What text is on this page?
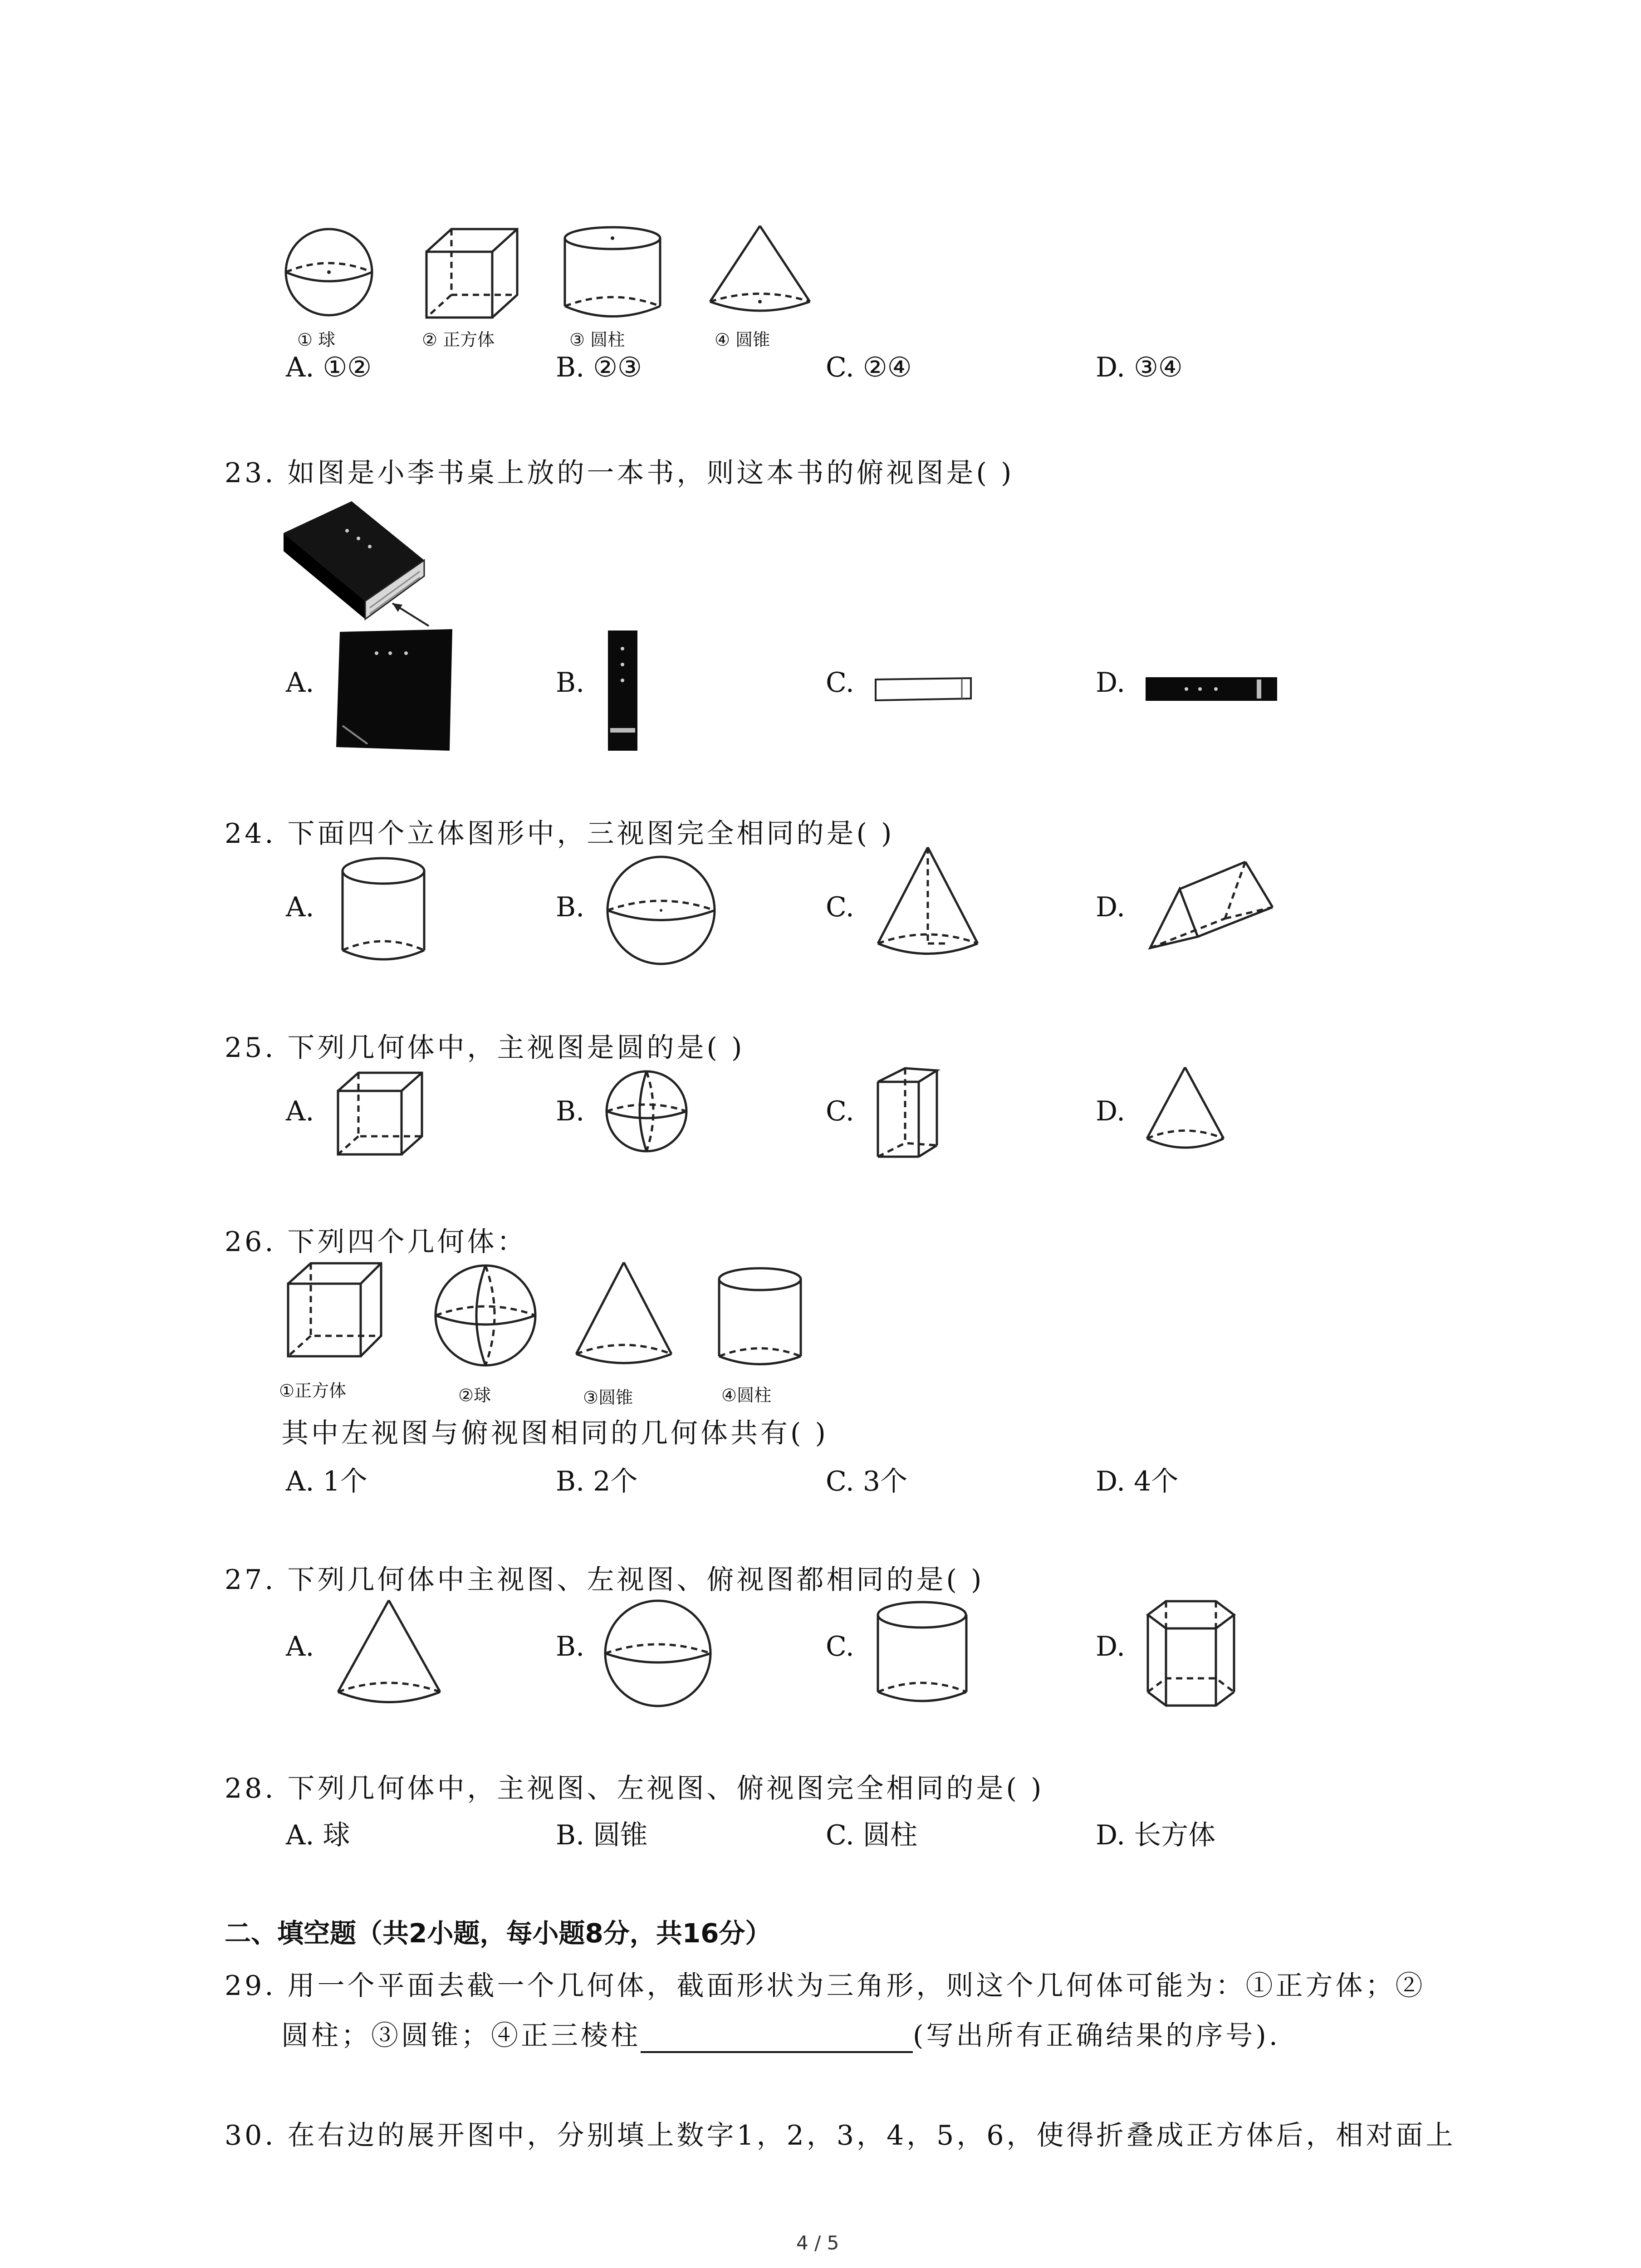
① 球	② 正方体	③ 圆柱	④ 圆锥
A. ①②	B. ②③	C. ②④	D. ③④
23. 如图是小李书桌上放的一本书，则这本书的俯视图是( )
A.	B.	C.	D.
24. 下面四个立体图形中，三视图完全相同的是( )
A.	B.	C.	D.
25. 下列几何体中，主视图是圆的是( )
A.	B.	C.	D.
26. 下列四个几何体：
①正方体	②球	③圆锥	④圆柱
其中左视图与俯视图相同的几何体共有( )
A. 1个	B. 2个	C. 3个	D. 4个
27. 下列几何体中主视图、左视图、俯视图都相同的是( )
A.	B.	C.	D.
28. 下列几何体中，主视图、左视图、俯视图完全相同的是( )
A. 球	B. 圆锥	C. 圆柱	D. 长方体
二、填空题（共2小题，每小题8分，共16分）
29. 用一个平面去截一个几何体，截面形状为三角形，则这个几何体可能为：①正方体；②
圆柱；③圆锥；④正三棱柱	(写出所有正确结果的序号).
30. 在右边的展开图中，分别填上数字1，2，3，4，5，6，使得折叠成正方体后，相对面上
4 / 5
